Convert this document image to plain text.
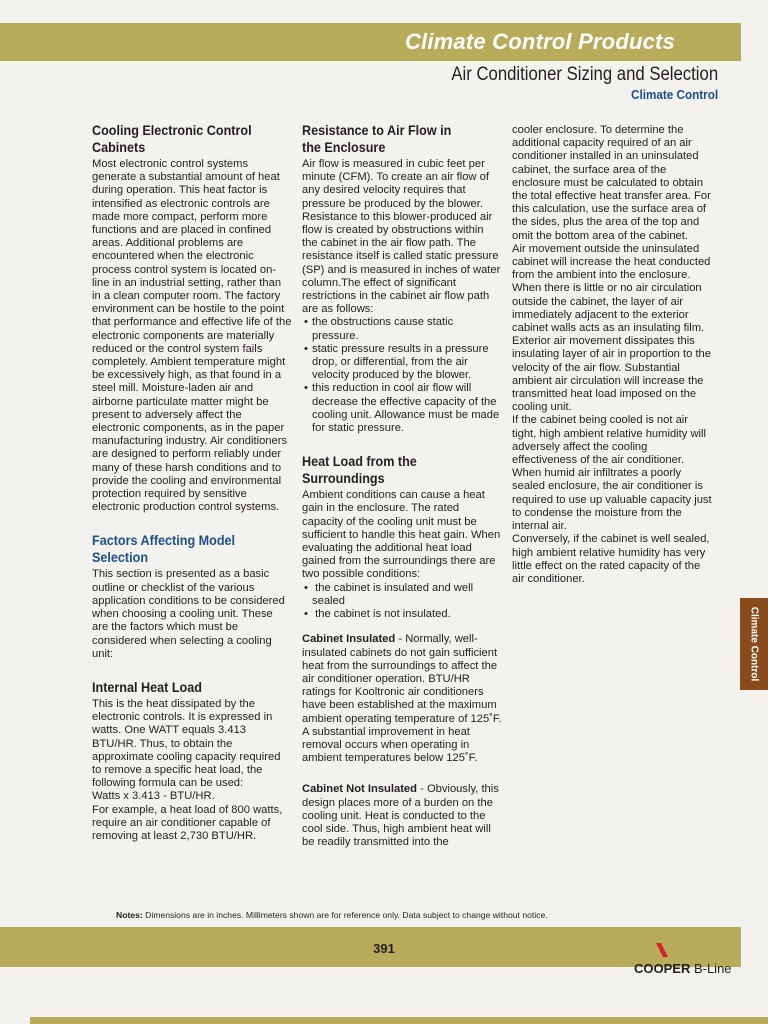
Climate Control Products
Air Conditioner Sizing and Selection
Climate Control
Cooling Electronic Control Cabinets

Most electronic control systems generate a substantial amount of heat during operation. This heat factor is intensified as electronic controls are made more compact, perform more functions and are placed in confined areas. Additional problems are encountered when the electronic process control system is located on-line in an industrial setting, rather than in a clean computer room. The factory environment can be hostile to the point that performance and effective life of the electronic components are materially reduced or the control system fails completely. Ambient temperature might be excessively high, as that found in a steel mill. Moisture-laden air and airborne particulate matter might be present to adversely affect the electronic components, as in the paper manufacturing industry. Air conditioners are designed to perform reliably under many of these harsh conditions and to provide the cooling and environmental protection required by sensitive electronic production control systems.

Factors Affecting Model Selection

This section is presented as a basic outline or checklist of the various application conditions to be considered when choosing a cooling unit. These are the factors which must be considered when selecting a cooling unit:

Internal Heat Load

This is the heat dissipated by the electronic controls. It is expressed in watts. One WATT equals 3.413 BTU/HR. Thus, to obtain the approximate cooling capacity required to remove a specific heat load, the following formula can be used:

Watts x 3.413 - BTU/HR.

For example, a heat load of 800 watts, require an air conditioner capable of removing at least 2,730 BTU/HR.

Resistance to Air Flow in the Enclosure

Air flow is measured in cubic feet per minute (CFM). To create an air flow of any desired velocity requires that pressure be produced by the blower. Resistance to this blower-produced air flow is created by obstructions within the cabinet in the air flow path. The resistance itself is called static pressure (SP) and is measured in inches of water column.The effect of significant restrictions in the cabinet air flow path are as follows:

• the obstructions cause static pressure.
• static pressure results in a pressure drop, or differential, from the air velocity produced by the blower.
• this reduction in cool air flow will decrease the effective capacity of the cooling unit. Allowance must be made for static pressure.
Heat Load from the Surroundings

Ambient conditions can cause a heat gain in the enclosure. The rated capacity of the cooling unit must be sufficient to handle this heat gain. When evaluating the additional heat load gained from the surroundings there are two possible conditions:

• the cabinet is insulated and well sealed
• the cabinet is not insulated.

Cabinet Insulated - Normally, well-insulated cabinets do not gain sufficient heat from the surroundings to affect the air conditioner operation. BTU/HR ratings for Kooltronic air conditioners have been established at the maximum ambient operating temperature of 125˚F. A substantial improvement in heat removal occurs when operating in ambient temperatures below 125˚F.

Cabinet Not Insulated - Obviously, this design places more of a burden on the cooling unit. Heat is conducted to the cool side. Thus, high ambient heat will be readily transmitted into the

cooler enclosure. To determine the additional capacity required of an air conditioner installed in an uninsulated cabinet, the surface area of the enclosure must be calculated to obtain the total effective heat transfer area. For this calculation, use the surface area of the sides, plus the area of the top and omit the bottom area of the cabinet.

Air movement outside the uninsulated cabinet will increase the heat conducted from the ambient into the enclosure. When there is little or no air circulation outside the cabinet, the layer of air immediately adjacent to the exterior cabinet walls acts as an insulating film. Exterior air movement dissipates this insulating layer of air in proportion to the velocity of the air flow. Substantial ambient air circulation will increase the transmitted heat load imposed on the cooling unit.

If the cabinet being cooled is not air tight, high ambient relative humidity will adversely affect the cooling effectiveness of the air conditioner. When humid air infiltrates a poorly sealed enclosure, the air conditioner is required to use up valuable capacity just to condense the moisture from the internal air.

Conversely, if the cabinet is well sealed, high ambient relative humidity has very little effect on the rated capacity of the air conditioner.

Climate Control
Notes: Dimensions are in inches. Millimeters shown are for reference only. Data subject to change without notice.
391
COOPER B-Line
